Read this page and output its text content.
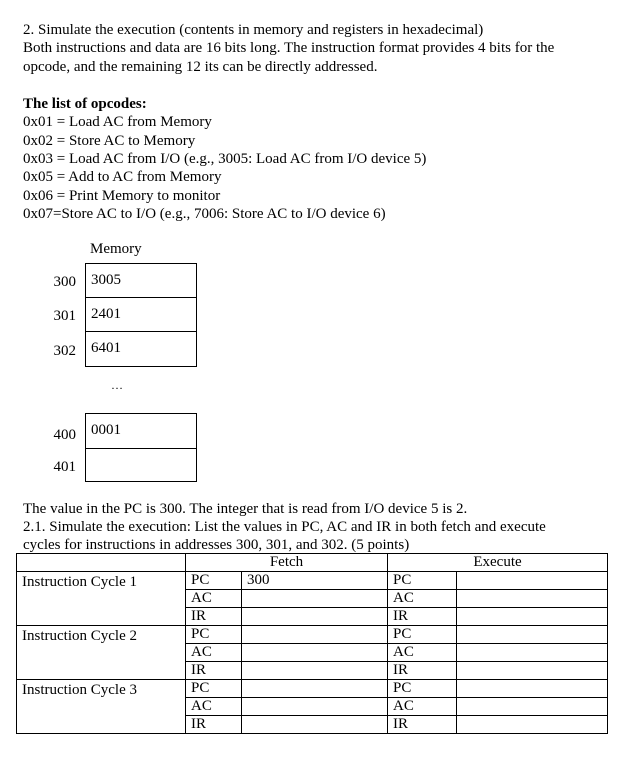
2. Simulate the execution (contents in memory and registers in hexadecimal)
Both instructions and data are 16 bits long. The instruction format provides 4 bits for the
opcode, and the remaining 12 its can be directly addressed.
The list of opcodes:
0x01 = Load AC from Memory
0x02 = Store AC to Memory
0x03 = Load AC from I/O (e.g., 3005: Load AC from I/O device 5)
0x05 = Add to AC from Memory
0x06 = Print Memory to monitor
0x07=Store AC to I/O (e.g., 7006: Store AC to I/O device 6)
Memory
300 3005
301 2401
302 6401
…
400 0001
401
The value in the PC is 300. The integer that is read from I/O device 5 is 2.
2.1. Simulate the execution: List the values in PC, AC and IR in both fetch and execute
cycles for instructions in addresses 300, 301, and 302. (5 points)
	Fetch		Execute	
Instruction Cycle 1	PC	300	PC	
	AC		AC	
	IR		IR	
Instruction Cycle 2	PC		PC	
	AC		AC	
	IR		IR	
Instruction Cycle 3	PC		PC	
	AC		AC	
	IR		IR	
